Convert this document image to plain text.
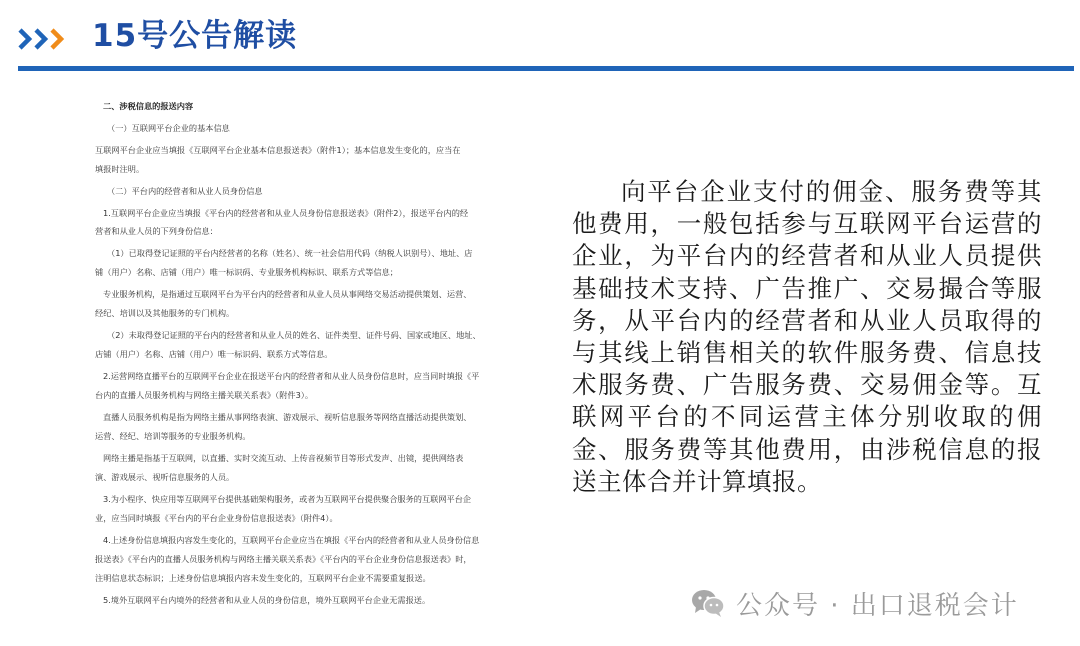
15号公告解读
二、涉税信息的报送内容
（一）互联网平台企业的基本信息
互联网平台企业应当填报《互联网平台企业基本信息报送表》（附件1）；基本信息发生变化的，应当在
填报时注明。
（二）平台内的经营者和从业人员身份信息
1.互联网平台企业应当填报《平台内的经营者和从业人员身份信息报送表》（附件2），报送平台内的经
营者和从业人员的下列身份信息：
（1）已取得登记证照的平台内经营者的名称（姓名）、统一社会信用代码（纳税人识别号）、地址、店
铺（用户）名称、店铺（用户）唯一标识码、专业服务机构标识、联系方式等信息；
专业服务机构，是指通过互联网平台为平台内的经营者和从业人员从事网络交易活动提供策划、运营、
经纪、培训以及其他服务的专门机构。
（2）未取得登记证照的平台内的经营者和从业人员的姓名、证件类型、证件号码、国家或地区、地址、
店铺（用户）名称、店铺（用户）唯一标识码、联系方式等信息。
2.运营网络直播平台的互联网平台企业在报送平台内的经营者和从业人员身份信息时，应当同时填报《平
台内的直播人员服务机构与网络主播关联关系表》（附件3）。
直播人员服务机构是指为网络主播从事网络表演、游戏展示、视听信息服务等网络直播活动提供策划、
运营、经纪、培训等服务的专业服务机构。
网络主播是指基于互联网，以直播、实时交流互动、上传音视频节目等形式发声、出镜，提供网络表
演、游戏展示、视听信息服务的人员。
3.为小程序、快应用等互联网平台提供基础架构服务，或者为互联网平台提供聚合服务的互联网平台企
业，应当同时填报《平台内的平台企业身份信息报送表》（附件4）。
4.上述身份信息填报内容发生变化的，互联网平台企业应当在填报《平台内的经营者和从业人员身份信息
报送表》《平台内的直播人员服务机构与网络主播关联关系表》《平台内的平台企业身份信息报送表》时，
注明信息状态标识；上述身份信息填报内容未发生变化的，互联网平台企业不需要重复报送。
5.境外互联网平台内境外的经营者和从业人员的身份信息，境外互联网平台企业无需报送。
向平台企业支付的佣金、服务费等其他费用，一般包括参与互联网平台运营的企业，为平台内的经营者和从业人员提供基础技术支持、广告推广、交易撮合等服务，从平台内的经营者和从业人员取得的与其线上销售相关的软件服务费、信息技术服务费、广告服务费、交易佣金等。互联网平台的不同运营主体分别收取的佣金、服务费等其他费用，由涉税信息的报送主体合并计算填报。
公众号 · 出口退税会计
